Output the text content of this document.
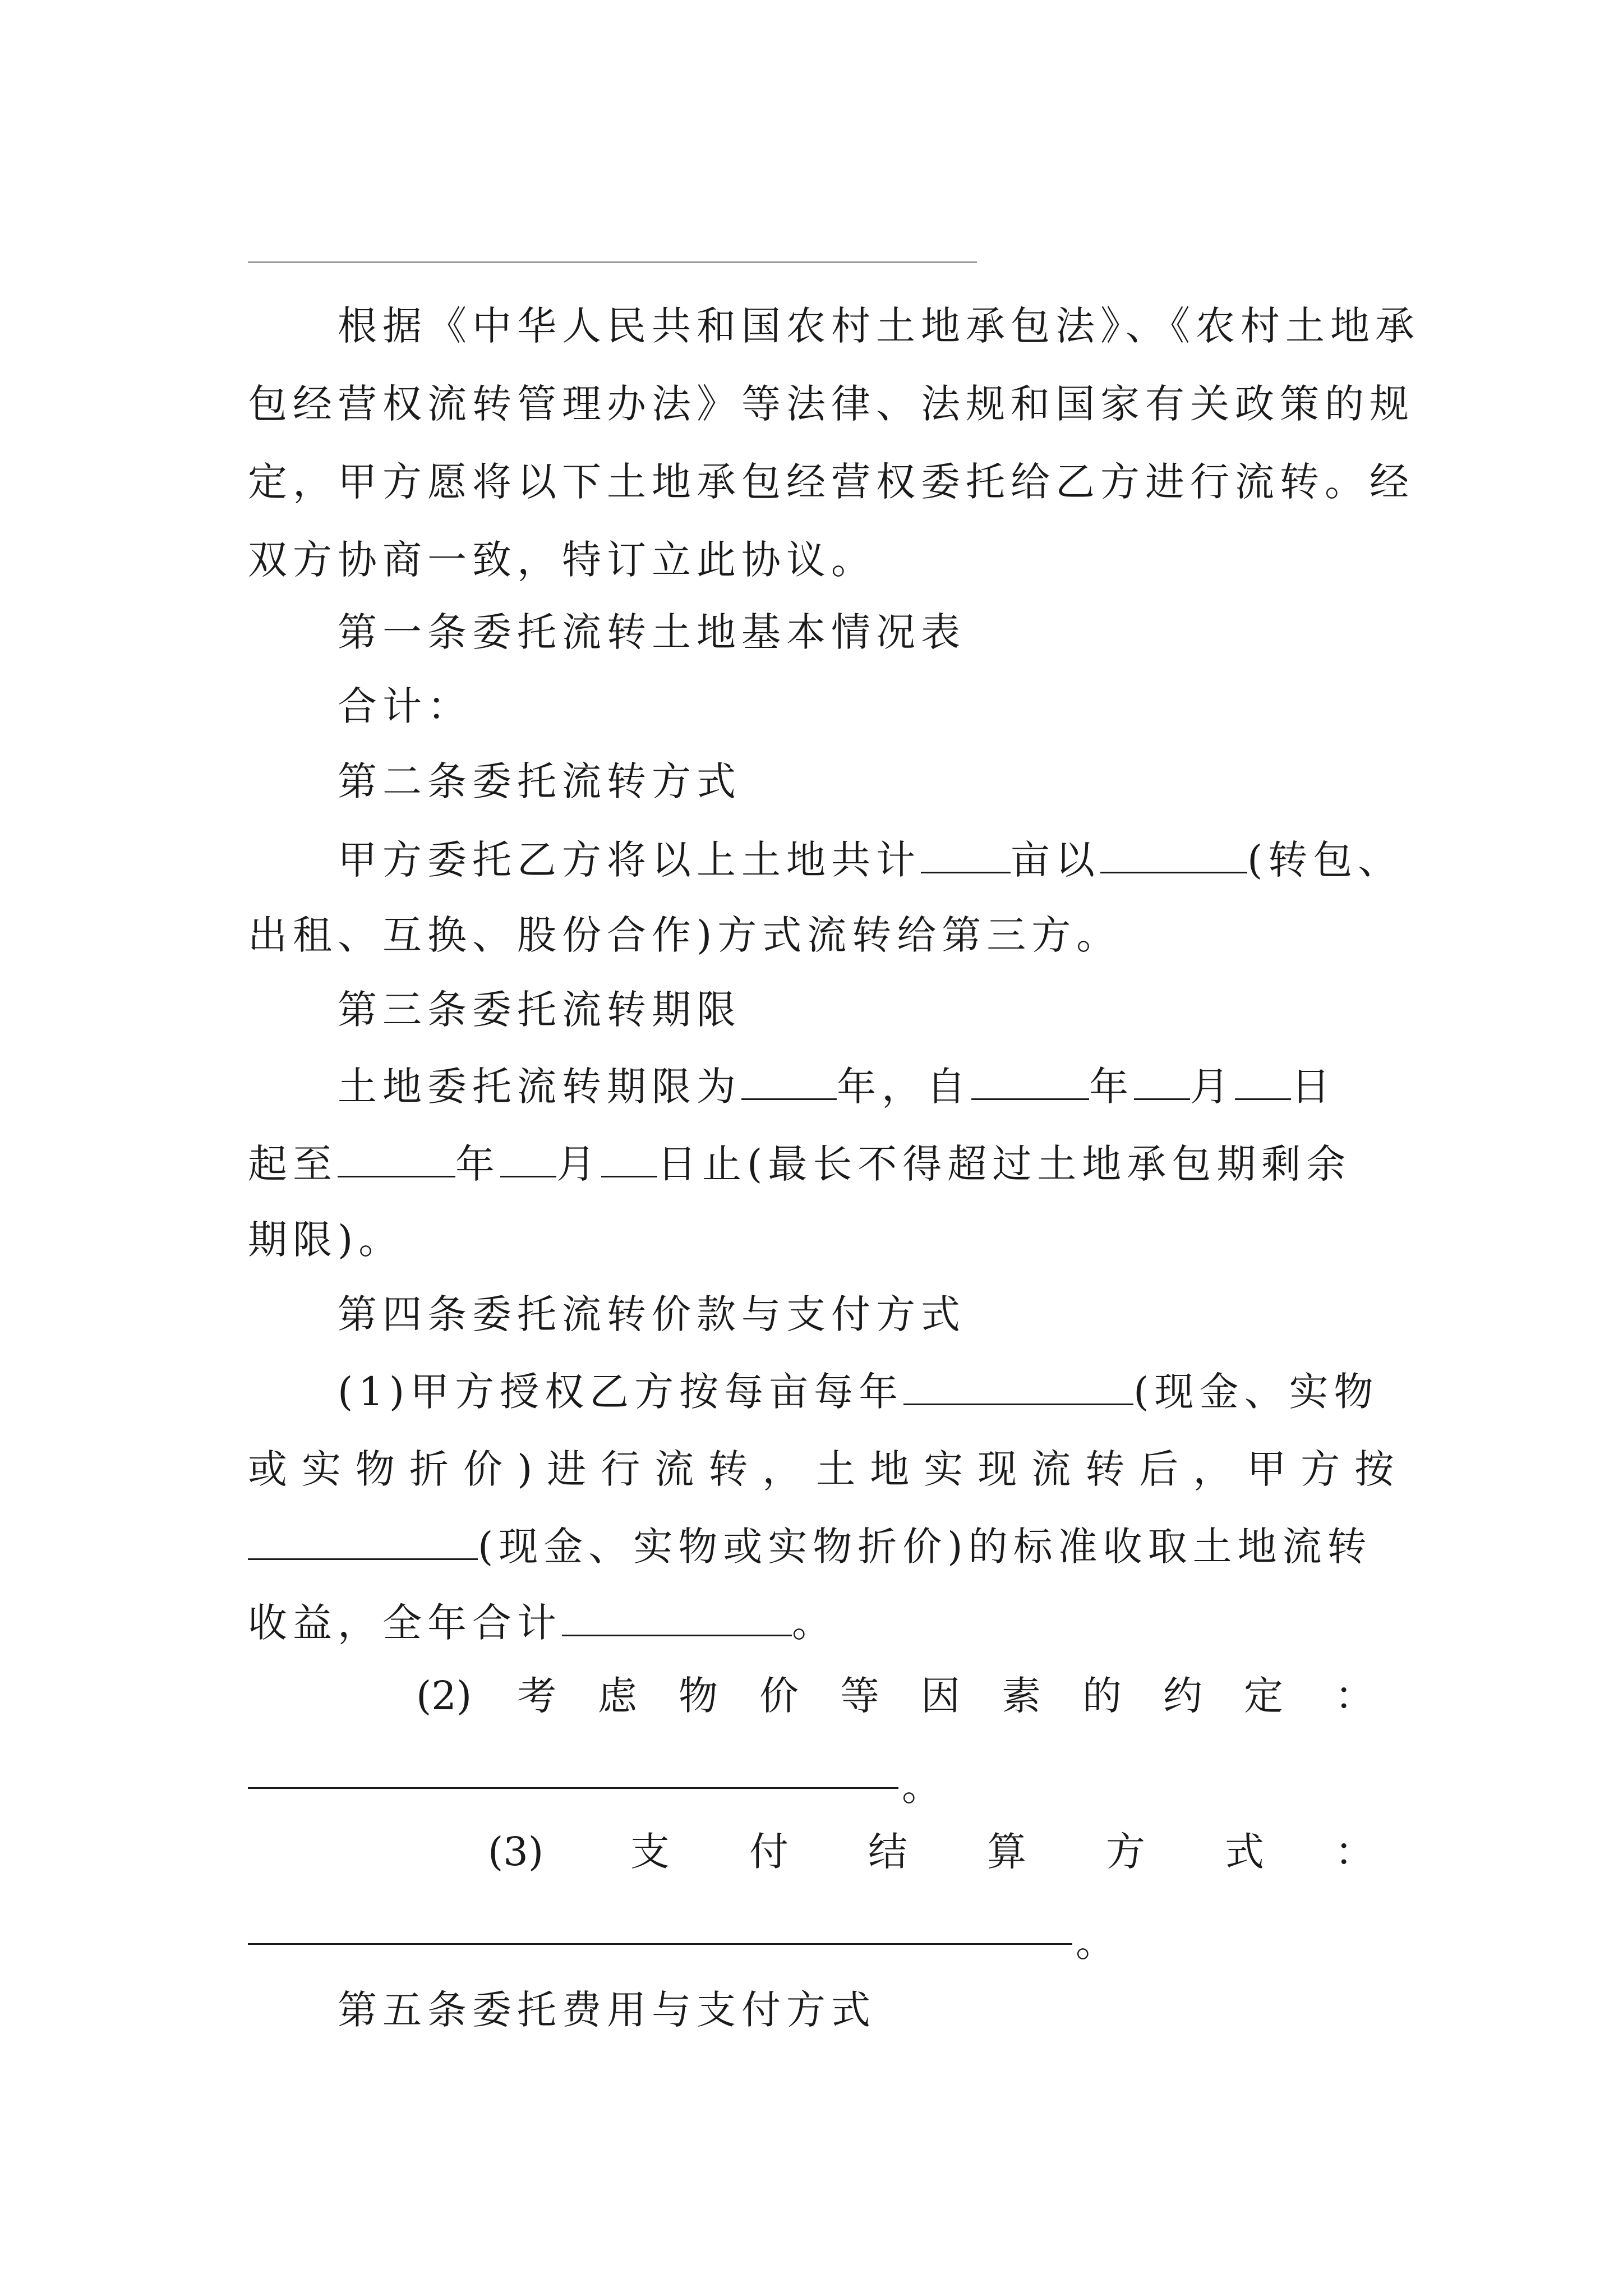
根据《中华人民共和国农村土地承包法》、《农村土地承
包经营权流转管理办法》等法律、法规和国家有关政策的规
定，甲方愿将以下土地承包经营权委托给乙方进行流转。经
双方协商一致，特订立此协议。
第一条委托流转土地基本情况表
合计：
第二条委托流转方式
甲方委托乙方将以上土地共计 亩以	(转包、
出租、互换、股份合作)方式流转给第三方。
第三条委托流转期限
土地委托流转期限为 年，自	年 月 日
起至	年 月 日止(最长不得超过土地承包期剩余
期限)。
第四条委托流转价款与支付方式
(1)甲方授权乙方按每亩每年	(现金、实物
或实物折价)进行流转，土地实现流转后，甲方按
(现金、实物或实物折价)的标准收取土地流转
收益，全年合计	。
(2) 考 虑 物 价 等 因 素 的 约 定 ：
。
(3) 支 付 结 算 方 式 ：
。
第五条委托费用与支付方式
